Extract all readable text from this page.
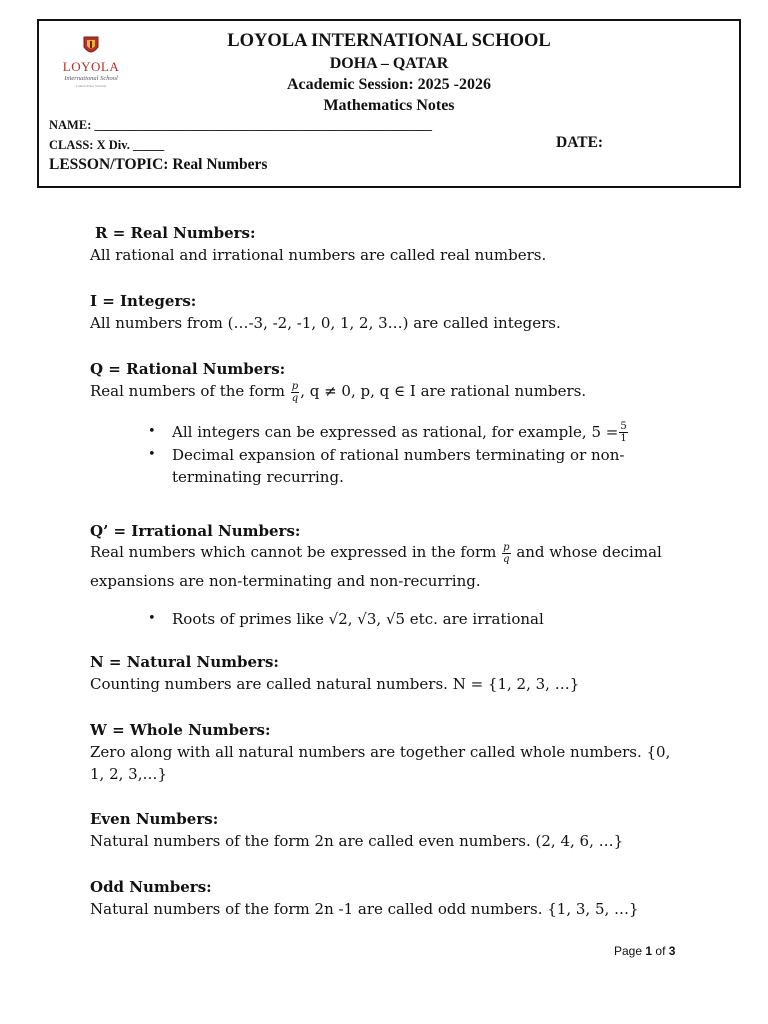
LOYOLA
International School
Lumen Fides Scientia
LOYOLA INTERNATIONAL SCHOOL
DOHA – QATAR
Academic Session: 2025 -2026
Mathematics Notes
NAME: ______________________________________________________
CLASS: X Div. _____	DATE:
LESSON/TOPIC: Real Numbers
R = Real Numbers:
All rational and irrational numbers are called real numbers.
I = Integers:
All numbers from (…-3, -2, -1, 0, 1, 2, 3…) are called integers.
Q = Rational Numbers:
Real numbers of the form $\frac{p}{q}$ , q ≠ 0, p, q ∈ I are rational numbers.
• All integers can be expressed as rational, for example, $5 = \frac{5}{1}$
• Decimal expansion of rational numbers terminating or non-terminating recurring.
Q’ = Irrational Numbers:
Real numbers which cannot be expressed in the form $\frac{p}{q}$ and whose decimal expansions are non-terminating and non-recurring.
• Roots of primes like √2, √3, √5 etc. are irrational
N = Natural Numbers:
Counting numbers are called natural numbers. N = {1, 2, 3, …}
W = Whole Numbers:
Zero along with all natural numbers are together called whole numbers. {0, 1, 2, 3,…}
Even Numbers:
Natural numbers of the form 2n are called even numbers. (2, 4, 6, …}
Odd Numbers:
Natural numbers of the form 2n -1 are called odd numbers. {1, 3, 5, …}
Page 1 of 3
